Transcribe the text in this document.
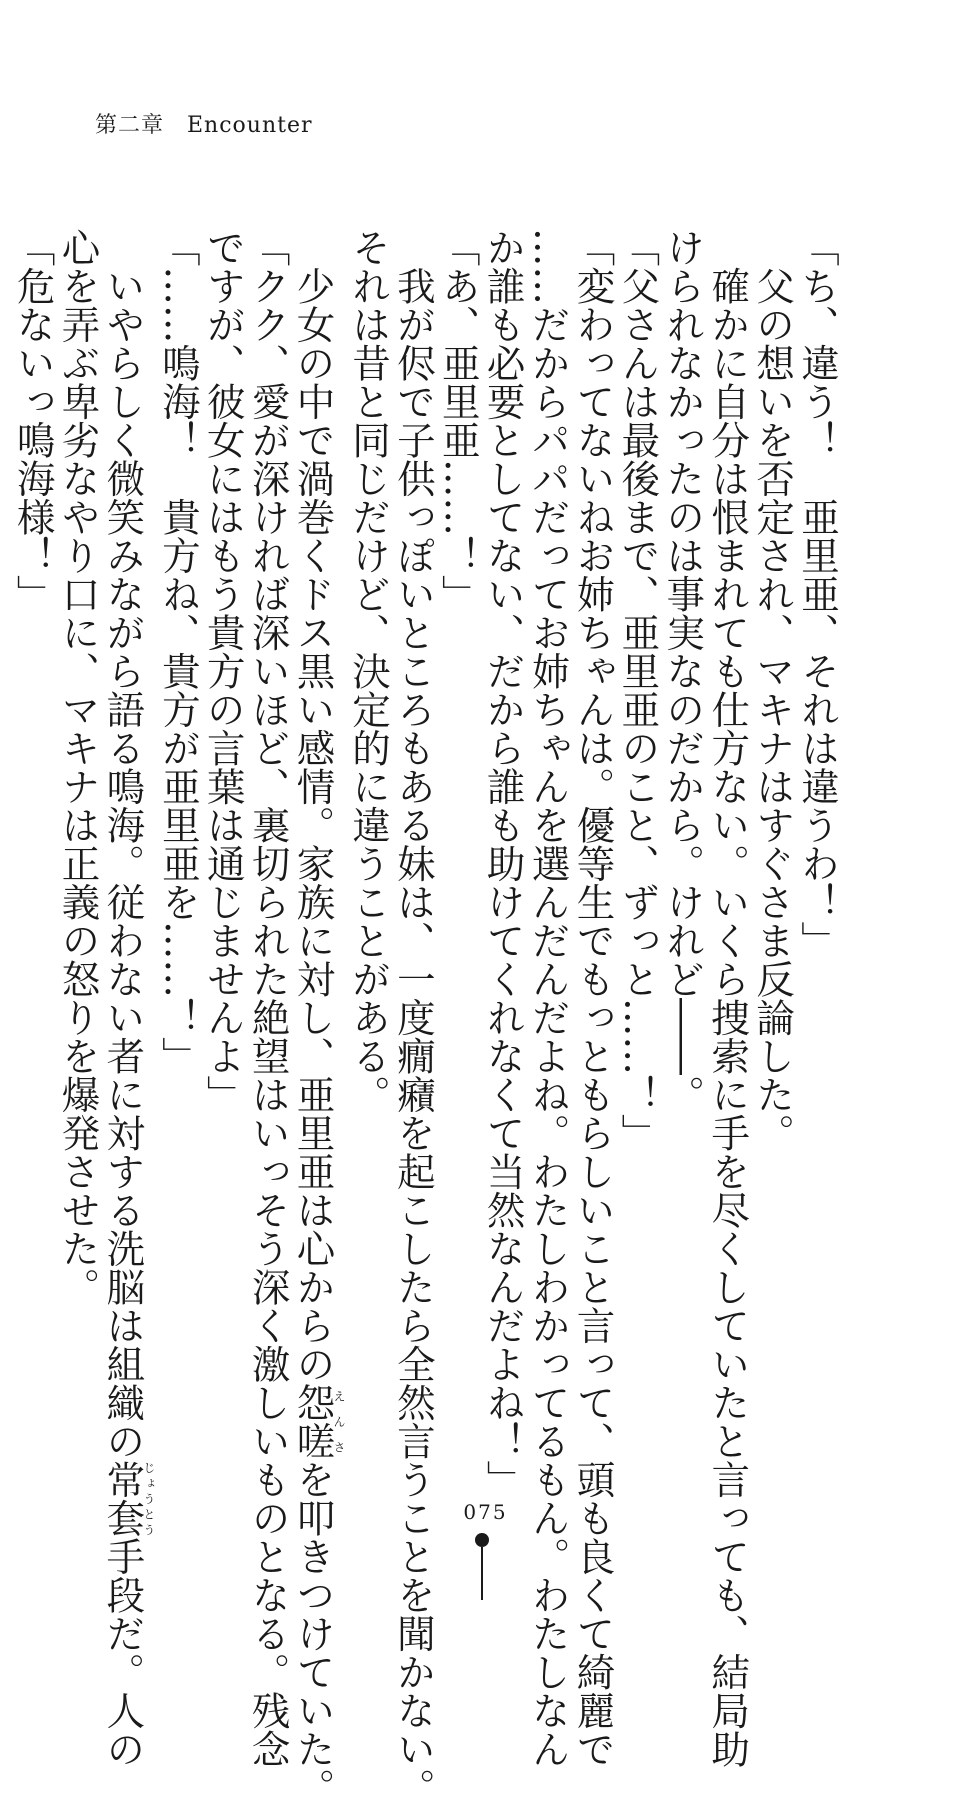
第二章　Encounter
「ち、違う！　亜里亜、それは違うわ！」
　父の想いを否定され、マキナはすぐさま反論した。
　確かに自分は恨まれても仕方ない。いくら捜索に手を尽くしていたと言っても、結局助
けられなかったのは事実なのだから。けれど――。
「父さんは最後まで、亜里亜のこと、ずっと……！」
「変わってないねお姉ちゃんは。優等生でもっともらしいこと言って、頭も良くて綺麗で
……だからパパだってお姉ちゃんを選んだんだよね。わたしわかってるもん。わたしなん
か誰も必要としてない、だから誰も助けてくれなくて当然なんだよね！」
「あ、亜里亜……！」
　我が侭で子供っぽいところもある妹は、一度癇癪を起こしたら全然言うことを聞かない。
それは昔と同じだけど、決定的に違うことがある。
　少女の中で渦巻くドス黒い感情。家族に対し、亜里亜は心からの怨嗟えんさを叩きつけていた。
「クク、愛が深ければ深いほど、裏切られた絶望はいっそう深く激しいものとなる。残念
ですが、彼女にはもう貴方の言葉は通じませんよ」
「……鳴海！　貴方ね、貴方が亜里亜を……！」
　いやらしく微笑みながら語る鳴海。従わない者に対する洗脳は組織の常套じょうとう手段だ。人の
心を弄ぶ卑劣なやり口に、マキナは正義の怒りを爆発させた。
「危ないっ鳴海様！」
075
